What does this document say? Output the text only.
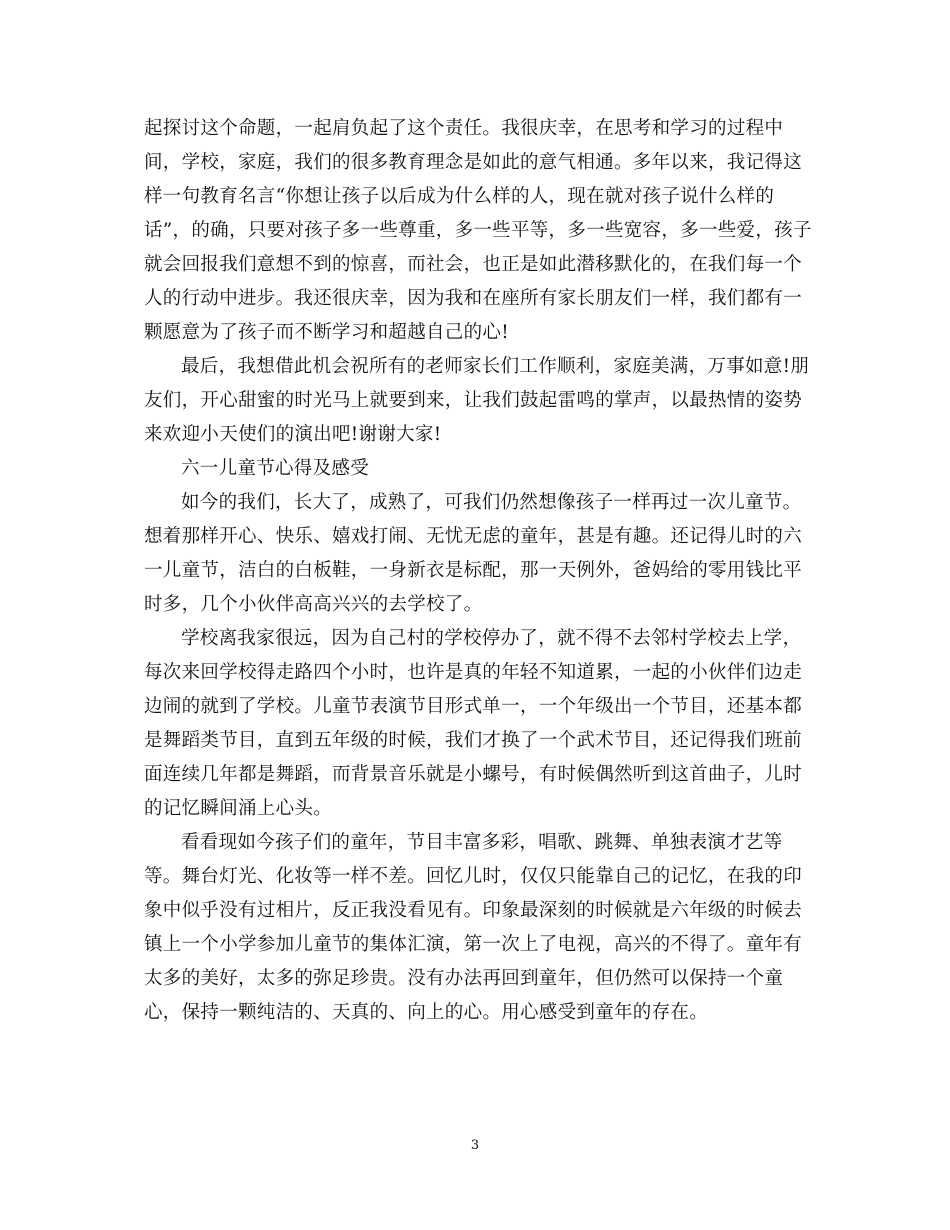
起探讨这个命题，一起肩负起了这个责任。我很庆幸，在思考和学习的过程中
间，学校，家庭，我们的很多教育理念是如此的意气相通。多年以来，我记得这
样一句教育名言“你想让孩子以后成为什么样的人，现在就对孩子说什么样的
话”，的确，只要对孩子多一些尊重，多一些平等，多一些宽容，多一些爱，孩子
就会回报我们意想不到的惊喜，而社会，也正是如此潜移默化的，在我们每一个
人的行动中进步。我还很庆幸，因为我和在座所有家长朋友们一样，我们都有一
颗愿意为了孩子而不断学习和超越自己的心!
最后，我想借此机会祝所有的老师家长们工作顺利，家庭美满，万事如意!朋
友们，开心甜蜜的时光马上就要到来，让我们鼓起雷鸣的掌声，以最热情的姿势
来欢迎小天使们的演出吧!谢谢大家!
六一儿童节心得及感受
如今的我们，长大了，成熟了，可我们仍然想像孩子一样再过一次儿童节。
想着那样开心、快乐、嬉戏打闹、无忧无虑的童年，甚是有趣。还记得儿时的六
一儿童节，洁白的白板鞋，一身新衣是标配，那一天例外，爸妈给的零用钱比平
时多，几个小伙伴高高兴兴的去学校了。
学校离我家很远，因为自己村的学校停办了，就不得不去邻村学校去上学，
每次来回学校得走路四个小时，也许是真的年轻不知道累，一起的小伙伴们边走
边闹的就到了学校。儿童节表演节目形式单一，一个年级出一个节目，还基本都
是舞蹈类节目，直到五年级的时候，我们才换了一个武术节目，还记得我们班前
面连续几年都是舞蹈，而背景音乐就是小螺号，有时候偶然听到这首曲子，儿时
的记忆瞬间涌上心头。
看看现如今孩子们的童年，节目丰富多彩，唱歌、跳舞、单独表演才艺等
等。舞台灯光、化妆等一样不差。回忆儿时，仅仅只能靠自己的记忆，在我的印
象中似乎没有过相片，反正我没看见有。印象最深刻的时候就是六年级的时候去
镇上一个小学参加儿童节的集体汇演，第一次上了电视，高兴的不得了。童年有
太多的美好，太多的弥足珍贵。没有办法再回到童年，但仍然可以保持一个童
心，保持一颗纯洁的、天真的、向上的心。用心感受到童年的存在。
3
